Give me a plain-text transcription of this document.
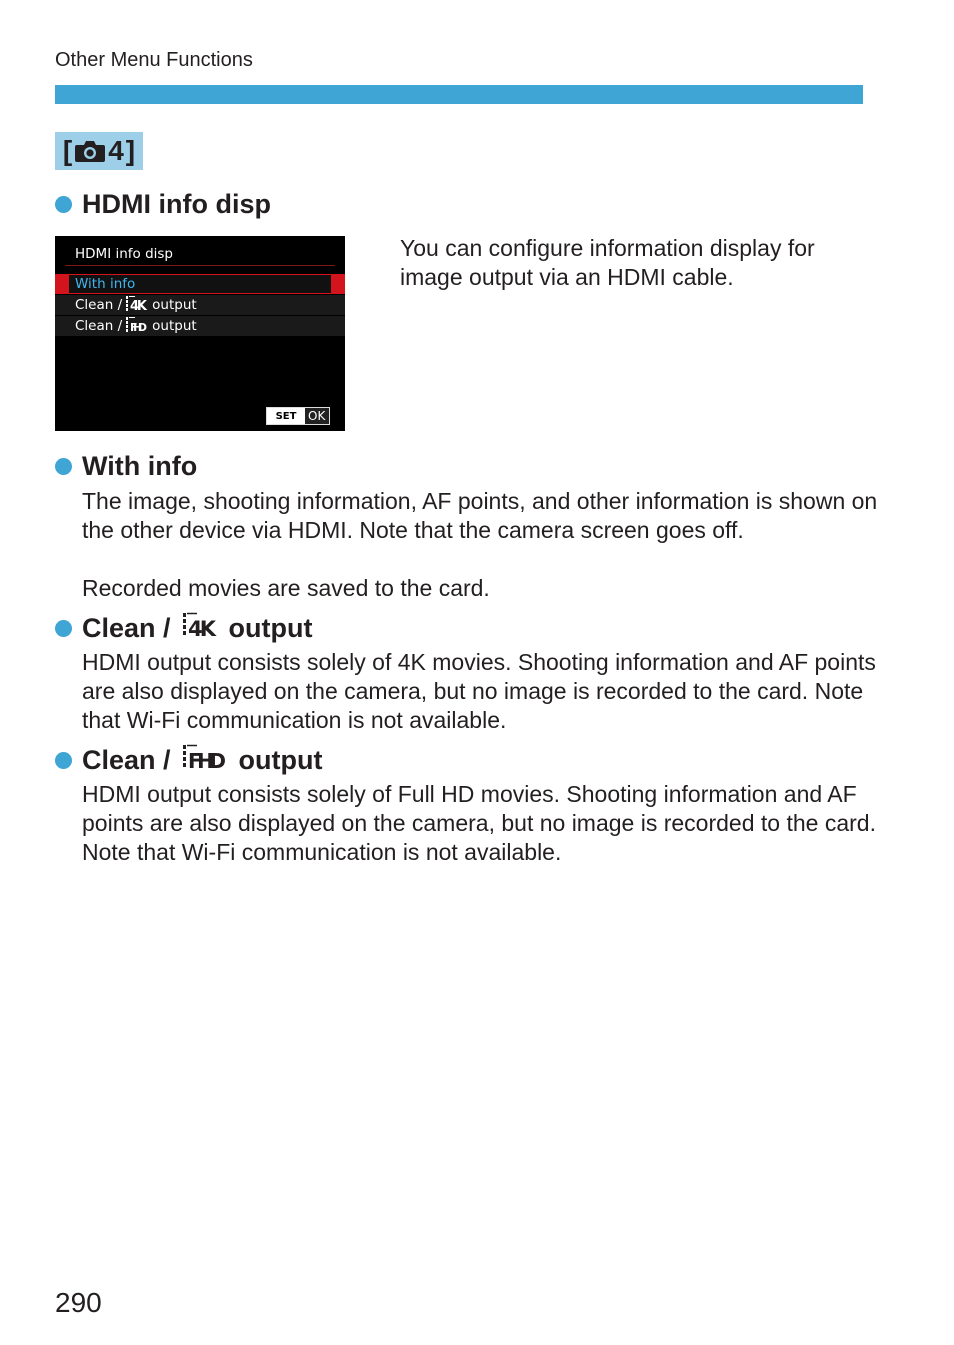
Other Menu Functions
[ 4 ]
HDMI info disp
HDMI info disp
With info
Clean / 4K output
Clean / FHD output
SET OK

You can configure information display for image output via an HDMI cable.

With info

The image, shooting information, AF points, and other information is shown on the other device via HDMI. Note that the camera screen goes off.

Recorded movies are saved to the card.

Clean / 4K output

HDMI output consists solely of 4K movies. Shooting information and AF points are also displayed on the camera, but no image is recorded to the card. Note that Wi-Fi communication is not available.

Clean / FHD output

HDMI output consists solely of Full HD movies. Shooting information and AF points are also displayed on the camera, but no image is recorded to the card. Note that Wi-Fi communication is not available.

290
